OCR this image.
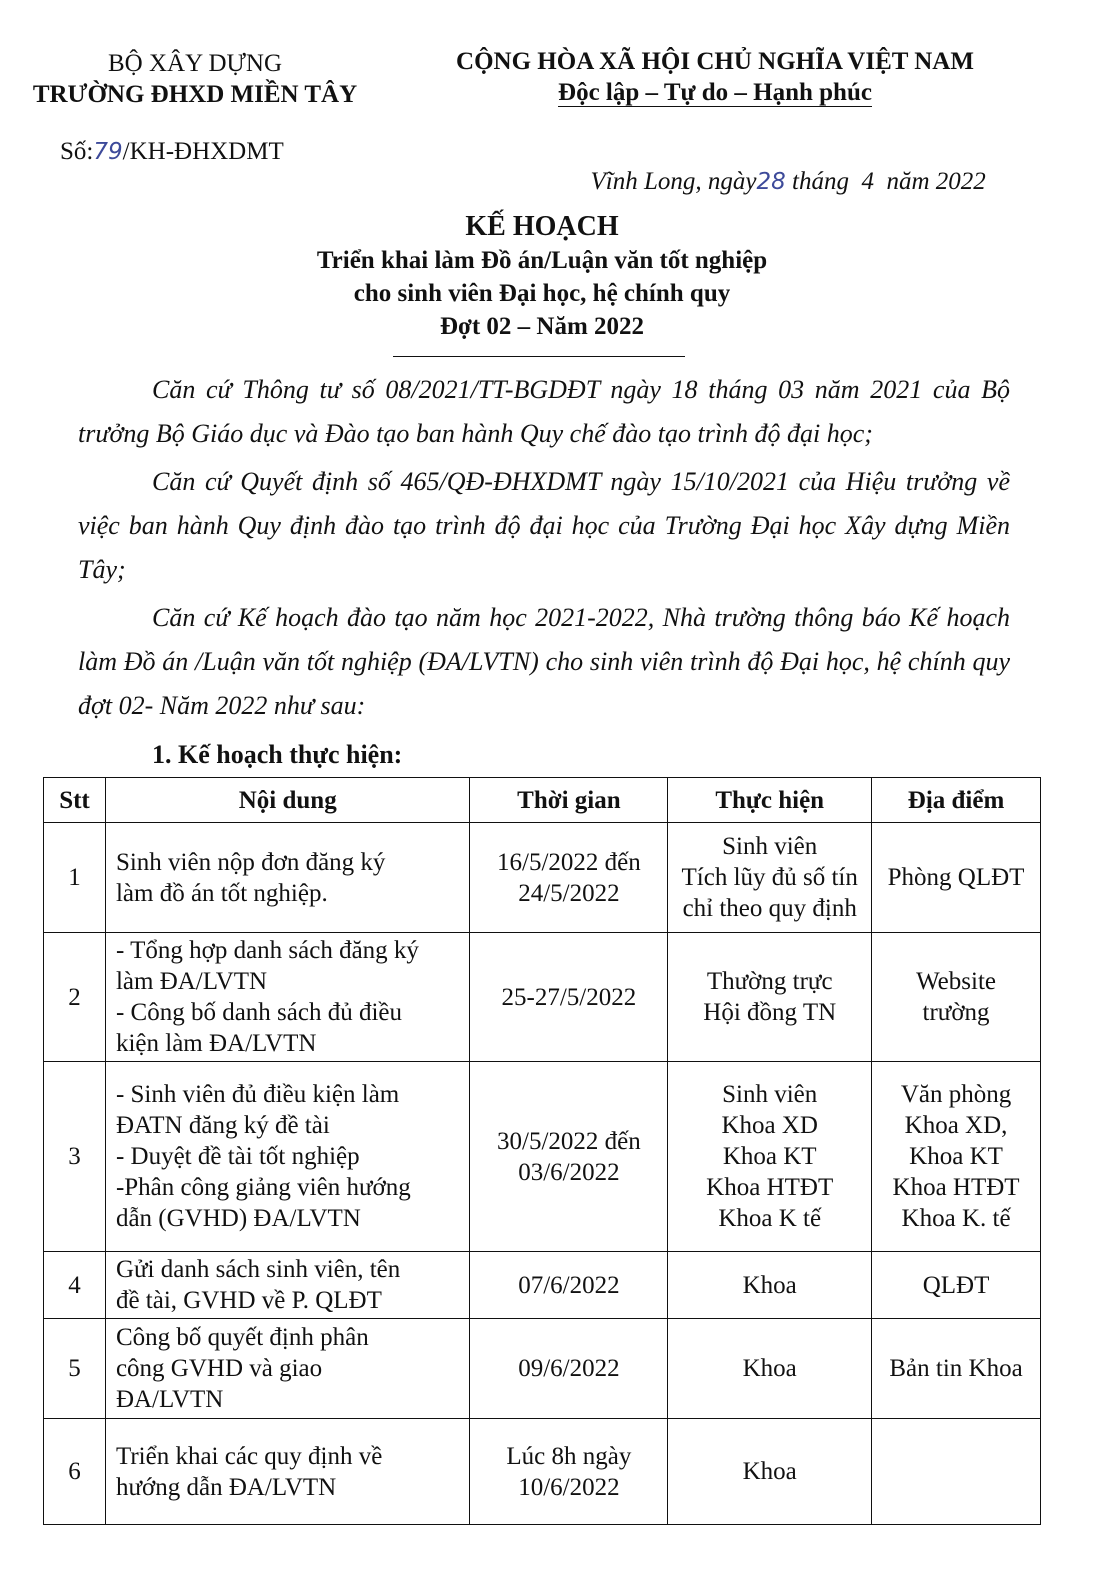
BỘ XÂY DỰNG
TRƯỜNG ĐHXD MIỀN TÂY
CỘNG HÒA XÃ HỘI CHỦ NGHĨA VIỆT NAM
Độc lập – Tự do – Hạnh phúc
Số:79/KH-ĐHXDMT

Vĩnh Long, ngày28 tháng  4  năm 2022

KẾ HOẠCH
Triển khai làm Đồ án/Luận văn tốt nghiệp
cho sinh viên Đại học, hệ chính quy
Đợt 02 – Năm 2022
Căn cứ Thông tư số 08/2021/TT-BGDĐT ngày 18 tháng 03 năm 2021 của Bộ trưởng Bộ Giáo dục và Đào tạo ban hành Quy chế đào tạo trình độ đại học;
Căn cứ Quyết định số 465/QĐ-ĐHXDMT ngày 15/10/2021 của Hiệu trưởng về việc ban hành Quy định đào tạo trình độ đại học của Trường Đại học Xây dựng Miền Tây;
Căn cứ Kế hoạch đào tạo năm học 2021-2022, Nhà trường thông báo Kế hoạch làm Đồ án /Luận văn tốt nghiệp (ĐA/LVTN) cho sinh viên trình độ Đại học, hệ chính quy đợt 02- Năm 2022 như sau:
1. Kế hoạch thực hiện:
Stt	Nội dung	Thời gian	Thực hiện	Địa điểm
1	Sinh viên nộp đơn đăng ký
làm đồ án tốt nghiệp.	16/5/2022 đến
24/5/2022	Sinh viên
Tích lũy đủ số tín
chỉ theo quy định	Phòng QLĐT

2	- Tổng hợp danh sách đăng ký
làm ĐA/LVTN
- Công bố danh sách đủ điều
kiện làm ĐA/LVTN	25-27/5/2022	Thường trực
Hội đồng TN	Website
trường

3	- Sinh viên đủ điều kiện làm
ĐATN đăng ký đề tài
- Duyệt đề tài tốt nghiệp
-Phân công giảng viên hướng
dẫn (GVHD) ĐA/LVTN	30/5/2022 đến
03/6/2022	Sinh viên
Khoa XD
Khoa KT
Khoa HTĐT
Khoa K tế	Văn phòng
Khoa XD,
Khoa KT
Khoa HTĐT
Khoa K. tế

4	Gửi danh sách sinh viên, tên
đề tài, GVHD về P. QLĐT	07/6/2022	Khoa	QLĐT

5	Công bố quyết định phân
công GVHD và giao
ĐA/LVTN	09/6/2022	Khoa	Bản tin Khoa

6	Triển khai các quy định về
hướng dẫn ĐA/LVTN	Lúc 8h ngày
10/6/2022	Khoa	
